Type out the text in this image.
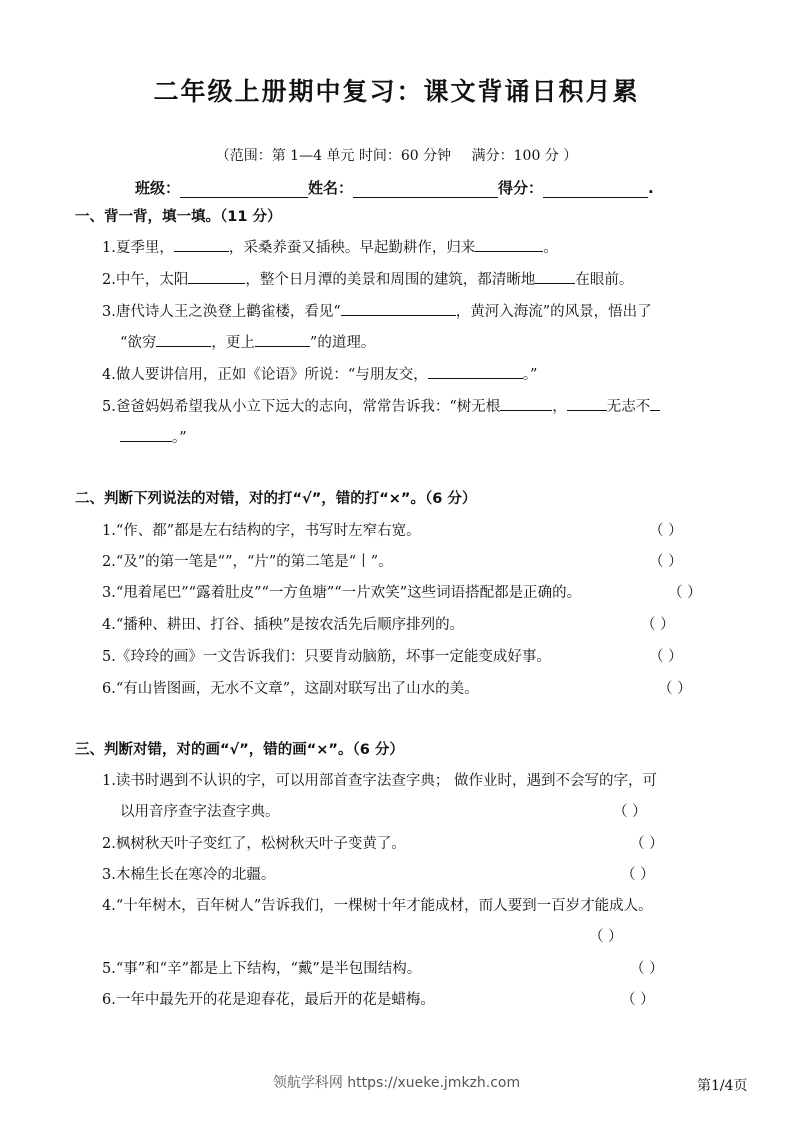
二年级上册期中复习：课文背诵日积月累
（范围：第 1—4 单元 时间：60 分钟 满分：100 分 ）
班级：	姓名：	得分：	.
一、背一背，填一填。（11 分）
1.夏季里，	，采桑养蚕又插秧。早起勤耕作，归来	。
2.中午，太阳	，整个日月潭的美景和周围的建筑，都清晰地	在眼前。
3.唐代诗人王之涣登上鹳雀楼，看见“	，黄河入海流”的风景，悟出了
“欲穷	，更上	”的道理。
4.做人要讲信用，正如《论语》所说：“与朋友交，	。”
5.爸爸妈妈希望我从小立下远大的志向，常常告诉我：“树无根	，	无志不
。”
二、判断下列说法的对错，对的打“√”，错的打“×”。（6 分）
1.“作、都”都是左右结构的字，书写时左窄右宽。	（ ）
2.“及”的第一笔是“”，“片”的第二笔是“丨”。	（ ）
3.“甩着尾巴”“露着肚皮”“一方鱼塘”“一片欢笑”这些词语搭配都是正确的。	（ ）
4.“播种、耕田、打谷、插秧”是按农活先后顺序排列的。	（ ）
5.《玲玲的画》一文告诉我们：只要肯动脑筋，坏事一定能变成好事。	（ ）
6.“有山皆图画，无水不文章”，这副对联写出了山水的美。	（ ）
三、判断对错，对的画“√”，错的画“×”。（6 分）
1.读书时遇到不认识的字，可以用部首查字法查字典； 做作业时，遇到不会写的字，可
以用音序查字法查字典。	（ ）
2.枫树秋天叶子变红了，松树秋天叶子变黄了。	（ ）
3.木棉生长在寒冷的北疆。	（ ）
4.“十年树木，百年树人”告诉我们，一棵树十年才能成材，而人要到一百岁才能成人。
（ ）
5.“事”和“辛”都是上下结构，“戴”是半包围结构。	（ ）
6.一年中最先开的花是迎春花，最后开的花是蜡梅。	（ ）
领航学科网 https://xueke.jmkzh.com	第1/4页
